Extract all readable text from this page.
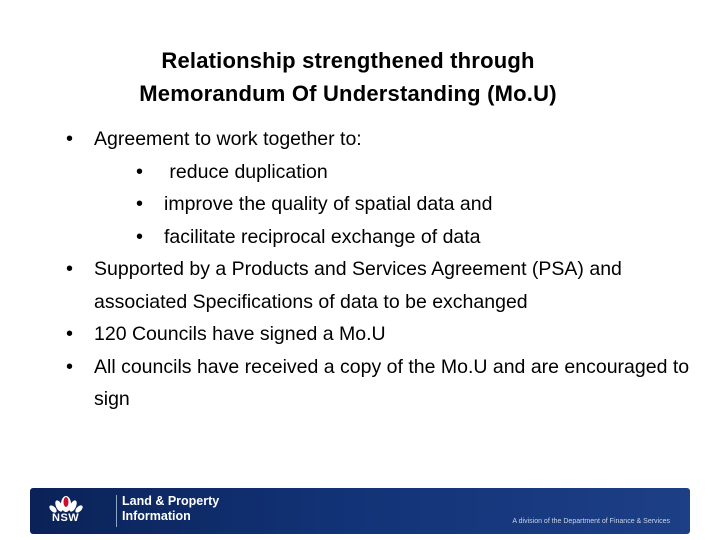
Relationship strengthened through
Memorandum Of Understanding (Mo.U)
• Agreement to work together to:
• reduce duplication
• improve the quality of spatial data and
• facilitate reciprocal exchange of data
• Supported by a Products and Services Agreement (PSA) and associated Specifications of data to be exchanged
• 120 Councils have signed a Mo.U
• All councils have received a copy of the Mo.U and are encouraged to sign
NSW
Land & Property
Information	A division of the Department of Finance & Services
